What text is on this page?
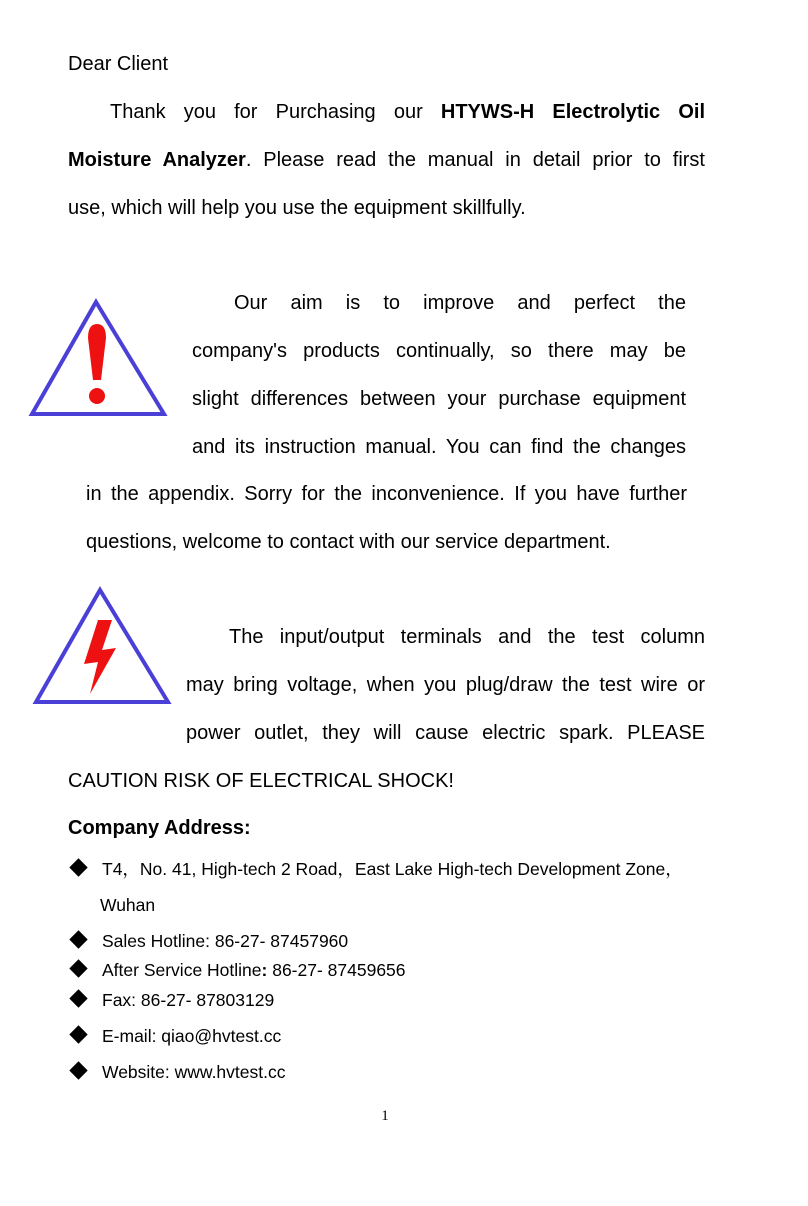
Dear Client
Thank you for Purchasing our HTYWS-H Electrolytic Oil
Moisture Analyzer. Please read the manual in detail prior to first
use, which will help you use the equipment skillfully.
Our aim is to improve and perfect the
company's products continually, so there may be
slight differences between your purchase equipment
and its instruction manual. You can find the changes
in the appendix. Sorry for the inconvenience. If you have further
questions, welcome to contact with our service department.
The input/output terminals and the test column
may bring voltage, when you plug/draw the test wire or
power outlet, they will cause electric spark. PLEASE
CAUTION RISK OF ELECTRICAL SHOCK!
Company Address:
T4，No. 41, High-tech 2 Road，East Lake High-tech Development Zone，
Wuhan
Sales Hotline: 86-27- 87457960
After Service Hotline: 86-27- 87459656
Fax: 86-27- 87803129
E-mail: qiao@hvtest.cc
Website: www.hvtest.cc
1
